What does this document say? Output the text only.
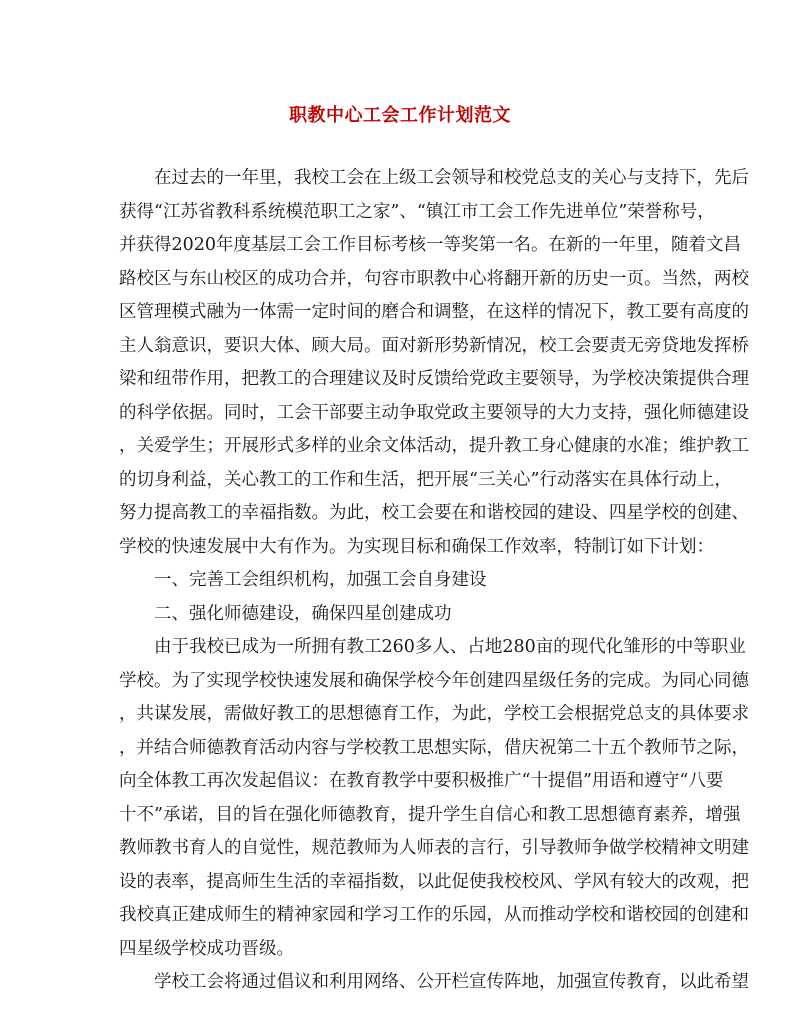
职教中心工会工作计划范文
在过去的一年里，我校工会在上级工会领导和校党总支的关心与支持下，先后
获得“江苏省教科系统模范职工之家”、“镇江市工会工作先进单位”荣誉称号，
并获得2020年度基层工会工作目标考核一等奖第一名。在新的一年里，随着文昌
路校区与东山校区的成功合并，句容市职教中心将翻开新的历史一页。当然，两校
区管理模式融为一体需一定时间的磨合和调整，在这样的情况下，教工要有高度的
主人翁意识，要识大体、顾大局。面对新形势新情况，校工会要责无旁贷地发挥桥
梁和纽带作用，把教工的合理建议及时反馈给党政主要领导，为学校决策提供合理
的科学依据。同时，工会干部要主动争取党政主要领导的大力支持，强化师德建设
，关爱学生；开展形式多样的业余文体活动，提升教工身心健康的水准；维护教工
的切身利益，关心教工的工作和生活，把开展“三关心”行动落实在具体行动上，
努力提高教工的幸福指数。为此，校工会要在和谐校园的建设、四星学校的创建、
学校的快速发展中大有作为。为实现目标和确保工作效率，特制订如下计划：
一、完善工会组织机构，加强工会自身建设
二、强化师德建设，确保四星创建成功
由于我校已成为一所拥有教工260多人、占地280亩的现代化雏形的中等职业
学校。为了实现学校快速发展和确保学校今年创建四星级任务的完成。为同心同德
，共谋发展，需做好教工的思想德育工作，为此，学校工会根据党总支的具体要求
，并结合师德教育活动内容与学校教工思想实际，借庆祝第二十五个教师节之际，
向全体教工再次发起倡议：在教育教学中要积极推广“十提倡”用语和遵守“八要
十不”承诺，目的旨在强化师德教育，提升学生自信心和教工思想德育素养，增强
教师教书育人的自觉性，规范教师为人师表的言行，引导教师争做学校精神文明建
设的表率，提高师生生活的幸福指数，以此促使我校校风、学风有较大的改观，把
我校真正建成师生的精神家园和学习工作的乐园，从而推动学校和谐校园的创建和
四星级学校成功晋级。
学校工会将通过倡议和利用网络、公开栏宣传阵地，加强宣传教育，以此希望
